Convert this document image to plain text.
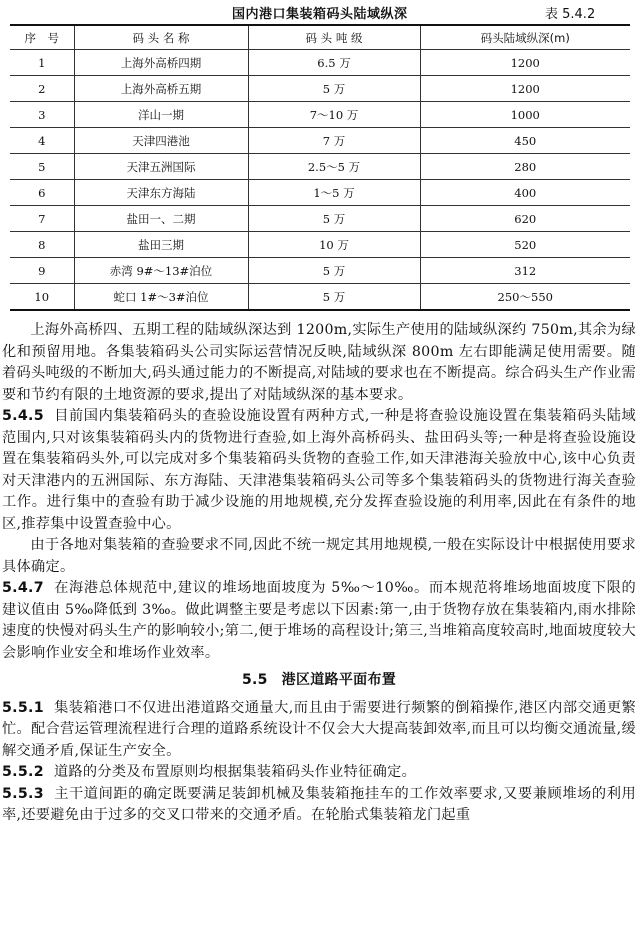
国内港口集装箱码头陆域纵深	表 5.4.2
序　号	码 头 名 称	码 头 吨 级	码头陆域纵深(m)
1	上海外高桥四期	6.5 万	1200
2	上海外高桥五期	5 万	1200
3	洋山一期	7～10 万	1000
4	天津四港池	7 万	450
5	天津五洲国际	2.5～5 万	280
6	天津东方海陆	1～5 万	400
7	盐田一、二期	5 万	620
8	盐田三期	10 万	520
9	赤湾 9#～13#泊位	5 万	312
10	蛇口 1#～3#泊位	5 万	250～550

上海外高桥四、五期工程的陆域纵深达到 1200m,实际生产使用的陆域纵深约 750m,其余为绿化和预留用地。各集装箱码头公司实际运营情况反映,陆域纵深 800m 左右即能满足使用需要。随着码头吨级的不断加大,码头通过能力的不断提高,对陆域的要求也在不断提高。综合码头生产作业需要和节约有限的土地资源的要求,提出了对陆域纵深的基本要求。

5.4.5 目前国内集装箱码头的查验设施设置有两种方式,一种是将查验设施设置在集装箱码头陆域范围内,只对该集装箱码头内的货物进行查验,如上海外高桥码头、盐田码头等;一种是将查验设施设置在集装箱码头外,可以完成对多个集装箱码头货物的查验工作,如天津港海关验放中心,该中心负责对天津港内的五洲国际、东方海陆、天津港集装箱码头公司等多个集装箱码头的货物进行海关查验工作。进行集中的查验有助于减少设施的用地规模,充分发挥查验设施的利用率,因此在有条件的地区,推荐集中设置查验中心。

由于各地对集装箱的查验要求不同,因此不统一规定其用地规模,一般在实际设计中根据使用要求具体确定。

5.4.7 在海港总体规范中,建议的堆场地面坡度为 5‰～10‰。而本规范将堆场地面坡度下限的建议值由 5‰降低到 3‰。做此调整主要是考虑以下因素:第一,由于货物存放在集装箱内,雨水排除速度的快慢对码头生产的影响较小;第二,便于堆场的高程设计;第三,当堆箱高度较高时,地面坡度较大会影响作业安全和堆场作业效率。

5.5 港区道路平面布置

5.5.1 集装箱港口不仅进出港道路交通量大,而且由于需要进行频繁的倒箱操作,港区内部交通更繁忙。配合营运管理流程进行合理的道路系统设计不仅会大大提高装卸效率,而且可以均衡交通流量,缓解交通矛盾,保证生产安全。

5.5.2 道路的分类及布置原则均根据集装箱码头作业特征确定。

5.5.3 主干道间距的确定既要满足装卸机械及集装箱拖挂车的工作效率要求,又要兼顾堆场的利用率,还要避免由于过多的交叉口带来的交通矛盾。在轮胎式集装箱龙门起重
